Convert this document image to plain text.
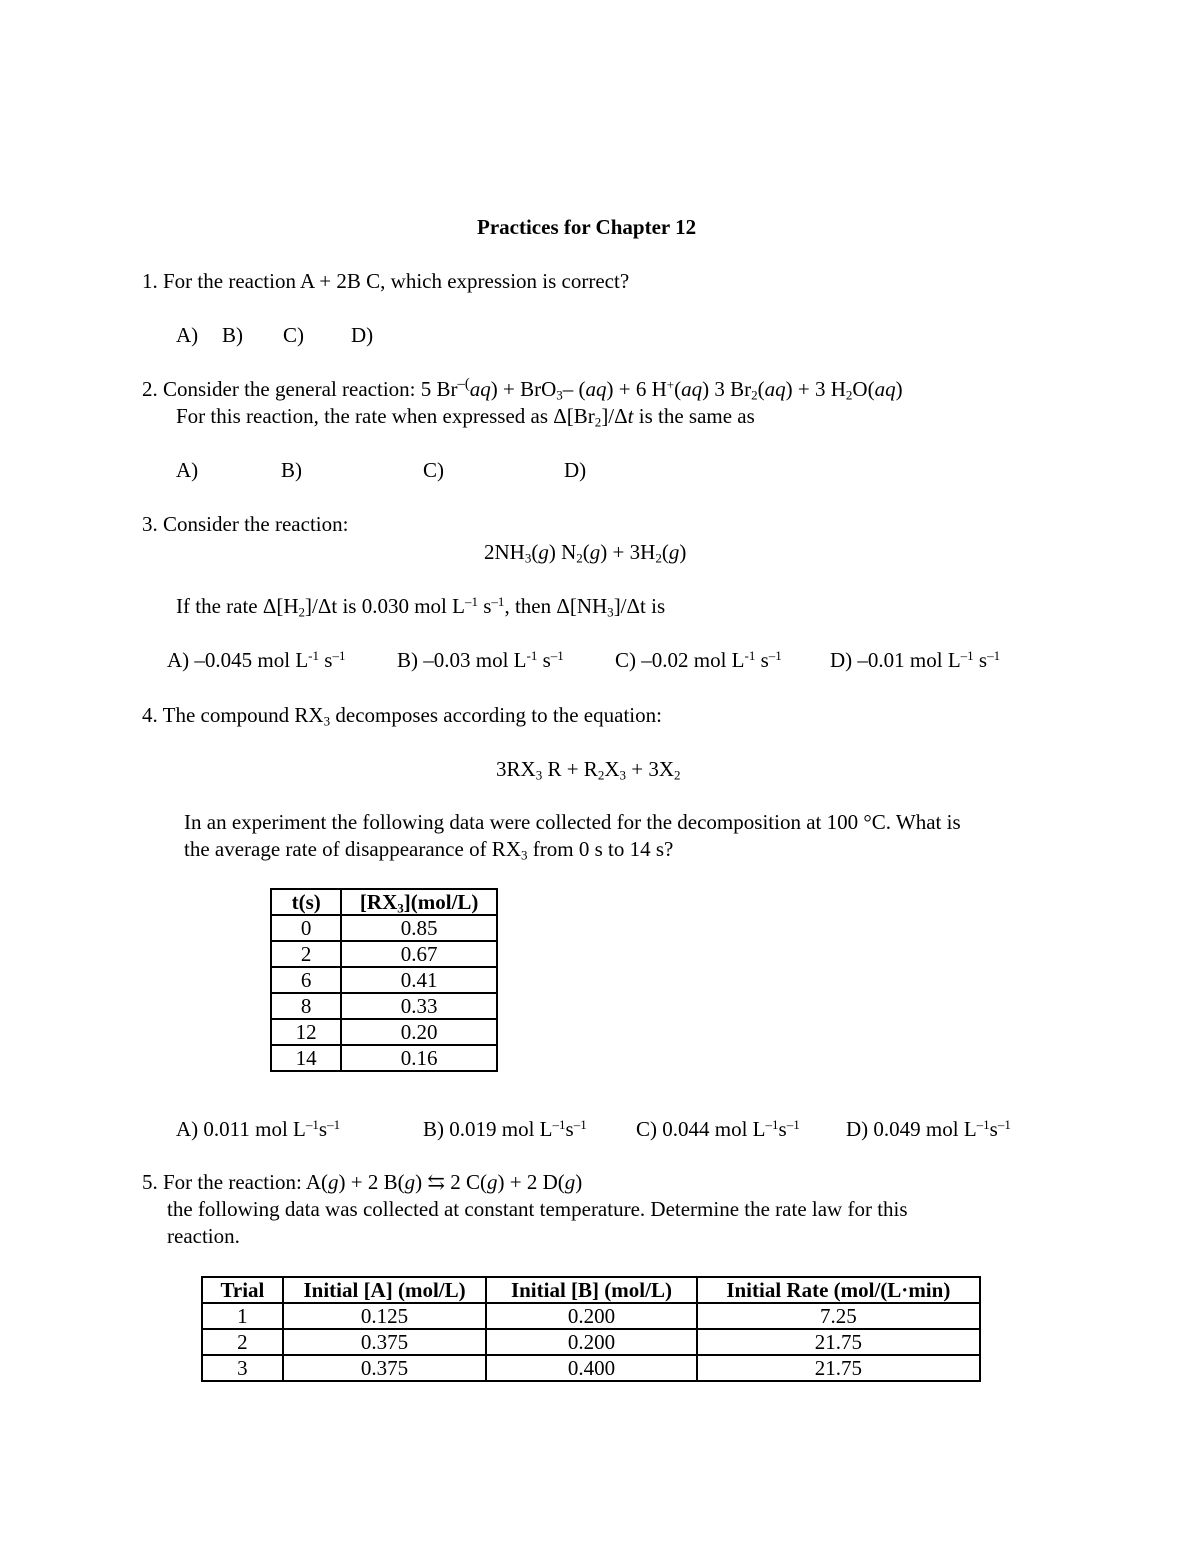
Practices for Chapter 12
1. For the reaction A + 2B C, which expression is correct?
A) B) C) D)
2. Consider the general reaction: 5 Br‒(aq) + BrO$_3$‒ (aq) + 6 H+(aq) 3 $Br_2(aq) + 3$ $H_2O(aq)$
For this reaction, the rate when expressed as $\Delta[Br_2]/\Delta t$ is the same as
A)	B)	C)	D)
3. Consider the reaction:
$2NH_3(g) N_2(g) + 3H_2(g)$
If the rate $\Delta[H_2]/\Delta t$ is 0.030 mol $L^{-1}$ $s^{-1}$, then $\Delta[NH_3]/\Delta t$ is
A) –0.045 mol $L^{-1}$ $s^{-1}$ B) –0.03 mol $L^{-1}$ $s^{-1}$ C) –0.02 mol $L^{-1}$ $s^{-1}$ D) –0.01 mol $L^{-1}$ $s^{-1}$
4. The compound $RX_3$ decomposes according to the equation:
$3RX_3$ $R + R_2X_3 + 3X_2$
In an experiment the following data were collected for the decomposition at 100 °C. What is
the average rate of disappearance of $RX_3$ from 0 s to 14 s?
t(s)	$[RX_3](mol/L)$
0	0.85
2	0.67
6	0.41
8	0.33
12	0.20
14	0.16
A) 0.011 mol $L^{-1}s^{-1}$	B) 0.019 mol $L^{-1}s^{-1}$ C) 0.044 mol $L^{-1}s^{-1}$ D) 0.049 mol $L^{-1}s^{-1}$
5. For the reaction: A(g) + 2 B(g) ⇆ 2 C(g) + 2 D(g)
the following data was collected at constant temperature. Determine the rate law for this
reaction.
Trial	Initial [A] (mol/L)	Initial [B] (mol/L)	Initial Rate (mol/(L·min)
1	0.125	0.200	7.25
2	0.375	0.200	21.75
3	0.375	0.400	21.75
